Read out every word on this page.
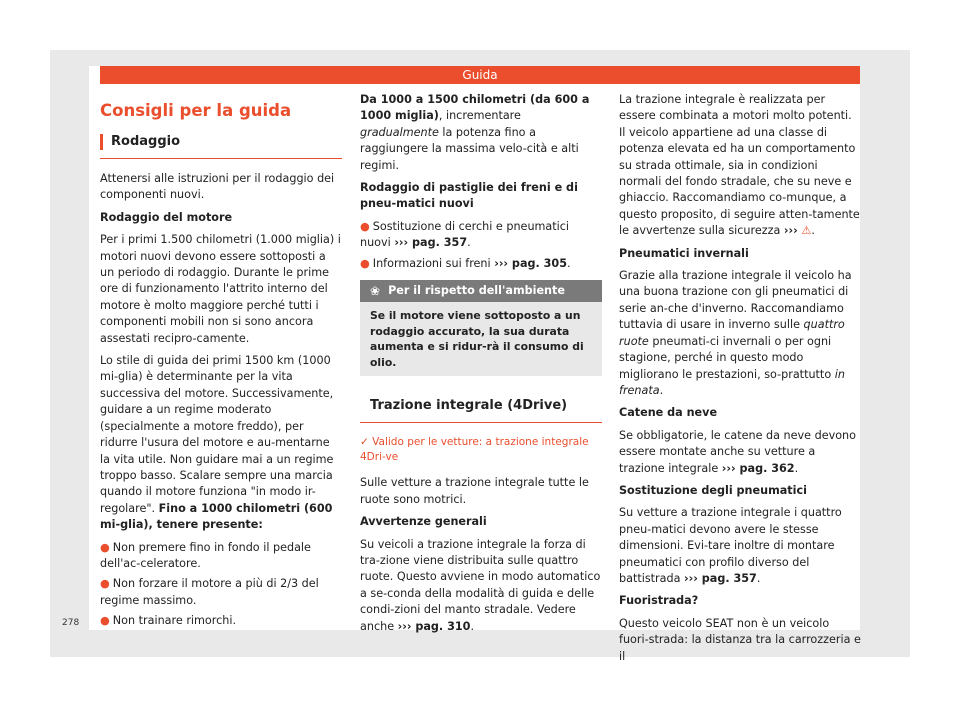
Guida
Consigli per la guida
Rodaggio

Attenersi alle istruzioni per il rodaggio dei componenti nuovi.

Rodaggio del motore

Per i primi 1.500 chilometri (1.000 miglia) i motori nuovi devono essere sottoposti a un periodo di rodaggio. Durante le prime ore di funzionamento l'attrito interno del motore è molto maggiore perché tutti i componenti mobili non si sono ancora assestati recipro-camente.

Lo stile di guida dei primi 1500 km (1000 mi-glia) è determinante per la vita successiva del motore. Successivamente, guidare a un regime moderato (specialmente a motore freddo), per ridurre l'usura del motore e au-mentarne la vita utile. Non guidare mai a un regime troppo basso. Scalare sempre una marcia quando il motore funziona "in modo ir-regolare". Fino a 1000 chilometri (600 mi-glia), tenere presente:

● Non premere fino in fondo il pedale dell'ac-celeratore.

● Non forzare il motore a più di 2/3 del regime massimo.

● Non trainare rimorchi.

Da 1000 a 1500 chilometri (da 600 a 1000 miglia), incrementare gradualmente la potenza fino a raggiungere la massima velo-cità e alti regimi.

Rodaggio di pastiglie dei freni e di pneu-matici nuovi

● Sostituzione di cerchi e pneumatici nuovi ››› pag. 357.

● Informazioni sui freni ››› pag. 305.

❀ Per il rispetto dell'ambiente
Se il motore viene sottoposto a un rodaggio accurato, la sua durata aumenta e si ridur-rà il consumo di olio.
Trazione integrale (4Drive)
✓ Valido per le vetture: a trazione integrale 4Dri-ve

Sulle vetture a trazione integrale tutte le ruote sono motrici.

Avvertenze generali

Su veicoli a trazione integrale la forza di tra-zione viene distribuita sulle quattro ruote. Questo avviene in modo automatico a se-conda della modalità di guida e delle condi-zioni del manto stradale. Vedere anche ››› pag. 310.

La trazione integrale è realizzata per essere combinata a motori molto potenti. Il veicolo appartiene ad una classe di potenza elevata ed ha un comportamento su strada ottimale, sia in condizioni normali del fondo stradale, che su neve e ghiaccio. Raccomandiamo co-munque, a questo proposito, di seguire atten-tamente le avvertenze sulla sicurezza ››› ⚠.

Pneumatici invernali

Grazie alla trazione integrale il veicolo ha una buona trazione con gli pneumatici di serie an-che d'inverno. Raccomandiamo tuttavia di usare in inverno sulle quattro ruote pneumati-ci invernali o per ogni stagione, perché in questo modo migliorano le prestazioni, so-prattutto in frenata.

Catene da neve

Se obbligatorie, le catene da neve devono essere montate anche su vetture a trazione integrale ››› pag. 362.

Sostituzione degli pneumatici

Su vetture a trazione integrale i quattro pneu-matici devono avere le stesse dimensioni. Evi-tare inoltre di montare pneumatici con profilo diverso del battistrada ››› pag. 357.

Fuoristrada?

Questo veicolo SEAT non è un veicolo fuori-strada: la distanza tra la carrozzeria e il

278
